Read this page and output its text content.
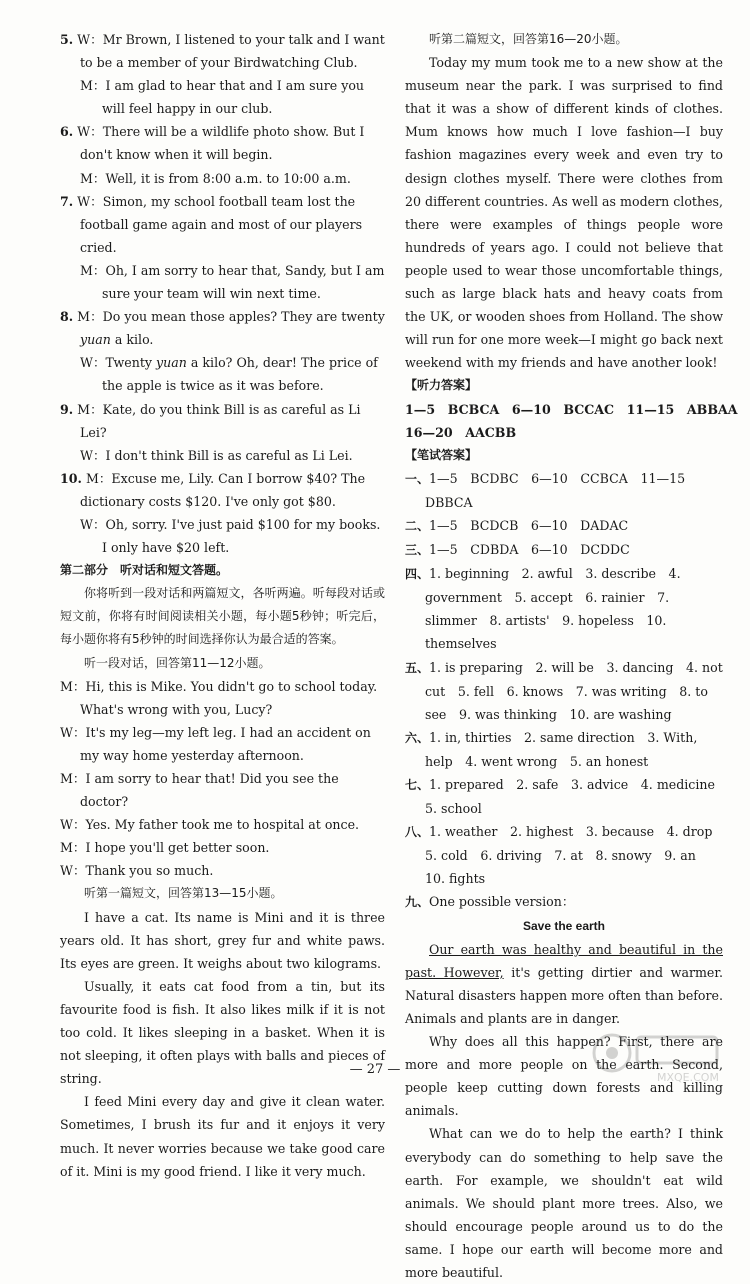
5. W：Mr Brown, I listened to your talk and I want to be a member of your Birdwatching Club.
M：I am glad to hear that and I am sure you will feel happy in our club.
6. W：There will be a wildlife photo show. But I don't know when it will begin.
M：Well, it is from 8:00 a.m. to 10:00 a.m.
7. W：Simon, my school football team lost the football game again and most of our players cried.
M：Oh, I am sorry to hear that, Sandy, but I am sure your team will win next time.
8. M：Do you mean those apples? They are twenty yuan a kilo.
W：Twenty yuan a kilo? Oh, dear! The price of the apple is twice as it was before.
9. M：Kate, do you think Bill is as careful as Li Lei?
W：I don't think Bill is as careful as Li Lei.
10. M：Excuse me, Lily. Can I borrow $40? The dictionary costs $120. I've only got $80.
W：Oh, sorry. I've just paid $100 for my books. I only have $20 left.
第二部分　听对话和短文答题。
你将听到一段对话和两篇短文，各听两遍。听每段对话或短文前，你将有时间阅读相关小题，每小题5秒钟；听完后，每小题你将有5秒钟的时间选择你认为最合适的答案。
听一段对话，回答第11—12小题。
M：Hi, this is Mike. You didn't go to school today. What's wrong with you, Lucy?
W：It's my leg—my left leg. I had an accident on my way home yesterday afternoon.
M：I am sorry to hear that! Did you see the doctor?
W：Yes. My father took me to hospital at once.
M：I hope you'll get better soon.
W：Thank you so much.
听第一篇短文，回答第13—15小题。
I have a cat. Its name is Mini and it is three years old. It has short, grey fur and white paws. Its eyes are green. It weighs about two kilograms.
Usually, it eats cat food from a tin, but its favourite food is fish. It also likes milk if it is not too cold. It likes sleeping in a basket. When it is not sleeping, it often plays with balls and pieces of string.
I feed Mini every day and give it clean water. Sometimes, I brush its fur and it enjoys it very much. It never worries because we take good care of it. Mini is my good friend. I like it very much.
听第二篇短文，回答第16—20小题。
Today my mum took me to a new show at the museum near the park. I was surprised to find that it was a show of different kinds of clothes. Mum knows how much I love fashion—I buy fashion magazines every week and even try to design clothes myself. There were clothes from 20 different countries. As well as modern clothes, there were examples of things people wore hundreds of years ago. I could not believe that people used to wear those uncomfortable things, such as large black hats and heavy coats from the UK, or wooden shoes from Holland. The show will run for one more week—I might go back next weekend with my friends and have another look!
【听力答案】
1—5　BCBCA　6—10　BCCAC　11—15　ABBAA
16—20　AACBB
【笔试答案】
一、1—5　BCDBC　6—10　CCBCA　11—15　DBBCA
二、1—5　BCDCB　6—10　DADAC
三、1—5　CDBDA　6—10　DCDDC
四、1. beginning　2. awful　3. describe　4. government　5. accept　6. rainier　7. slimmer　8. artists'　9. hopeless　10. themselves
五、1. is preparing　2. will be　3. dancing　4. not cut　5. fell　6. knows　7. was writing　8. to see　9. was thinking　10. are washing
六、1. in, thirties　2. same direction　3. With, help　4. went wrong　5. an honest
七、1. prepared　2. safe　3. advice　4. medicine　5. school
八、1. weather　2. highest　3. because　4. drop　5. cold　6. driving　7. at　8. snowy　9. an　10. fights
九、One possible version：
Save the earth
Our earth was healthy and beautiful in the past. However, it's getting dirtier and warmer. Natural disasters happen more often than before. Animals and plants are in danger.
Why does all this happen? First, there are more and more people on the earth. Second, people keep cutting down forests and killing animals.
What can we do to help the earth? I think everybody can do something to help save the earth. For example, we shouldn't eat wild animals. We should plant more trees. Also, we should encourage people around us to do the same. I hope our earth will become more and more beautiful.
— 27 —
MXQE.COM
